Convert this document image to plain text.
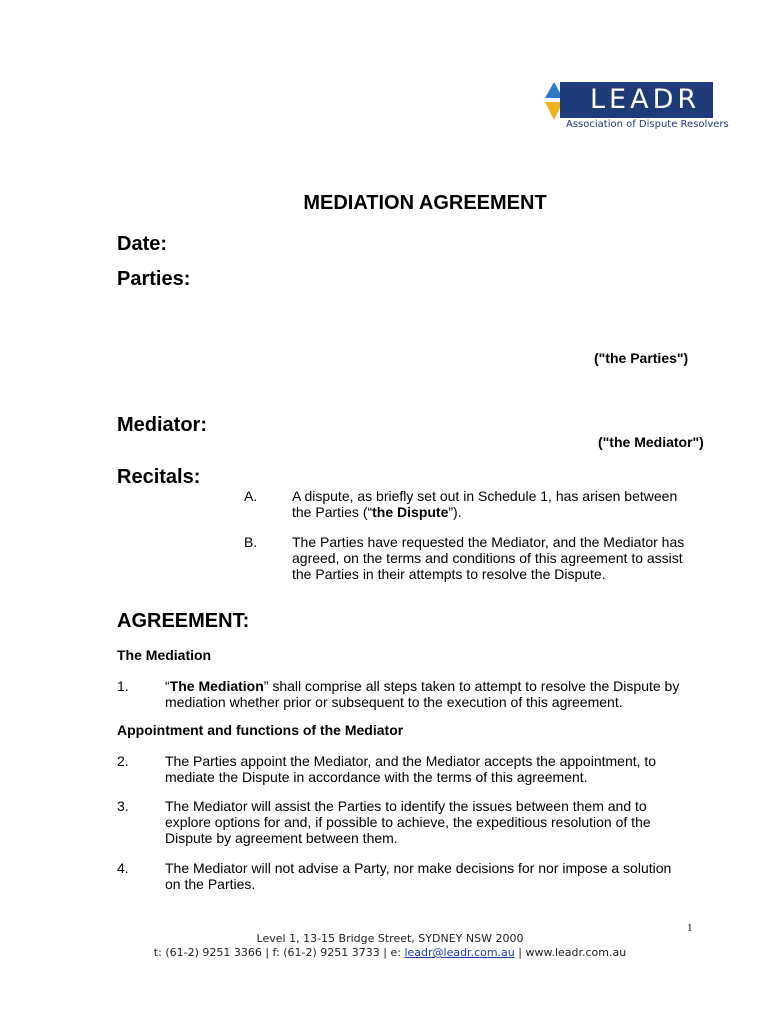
LEADR
Association of Dispute Resolvers
MEDIATION AGREEMENT
Date:
Parties:
("the Parties")
Mediator:
("the Mediator")
Recitals:
A. A dispute, as briefly set out in Schedule 1, has arisen between
the Parties (“the Dispute”).
B. The Parties have requested the Mediator, and the Mediator has
agreed, on the terms and conditions of this agreement to assist
the Parties in their attempts to resolve the Dispute.
AGREEMENT:
The Mediation
1.	“The Mediation” shall comprise all steps taken to attempt to resolve the Dispute by
mediation whether prior or subsequent to the execution of this agreement.
Appointment and functions of the Mediator
2.	The Parties appoint the Mediator, and the Mediator accepts the appointment, to
mediate the Dispute in accordance with the terms of this agreement.
3.	The Mediator will assist the Parties to identify the issues between them and to
explore options for and, if possible to achieve, the expeditious resolution of the
Dispute by agreement between them.
4.	The Mediator will not advise a Party, nor make decisions for nor impose a solution
on the Parties.
1
Level 1, 13-15 Bridge Street, SYDNEY NSW 2000
t: (61-2) 9251 3366 | f: (61-2) 9251 3733 | e: leadr@leadr.com.au | www.leadr.com.au
